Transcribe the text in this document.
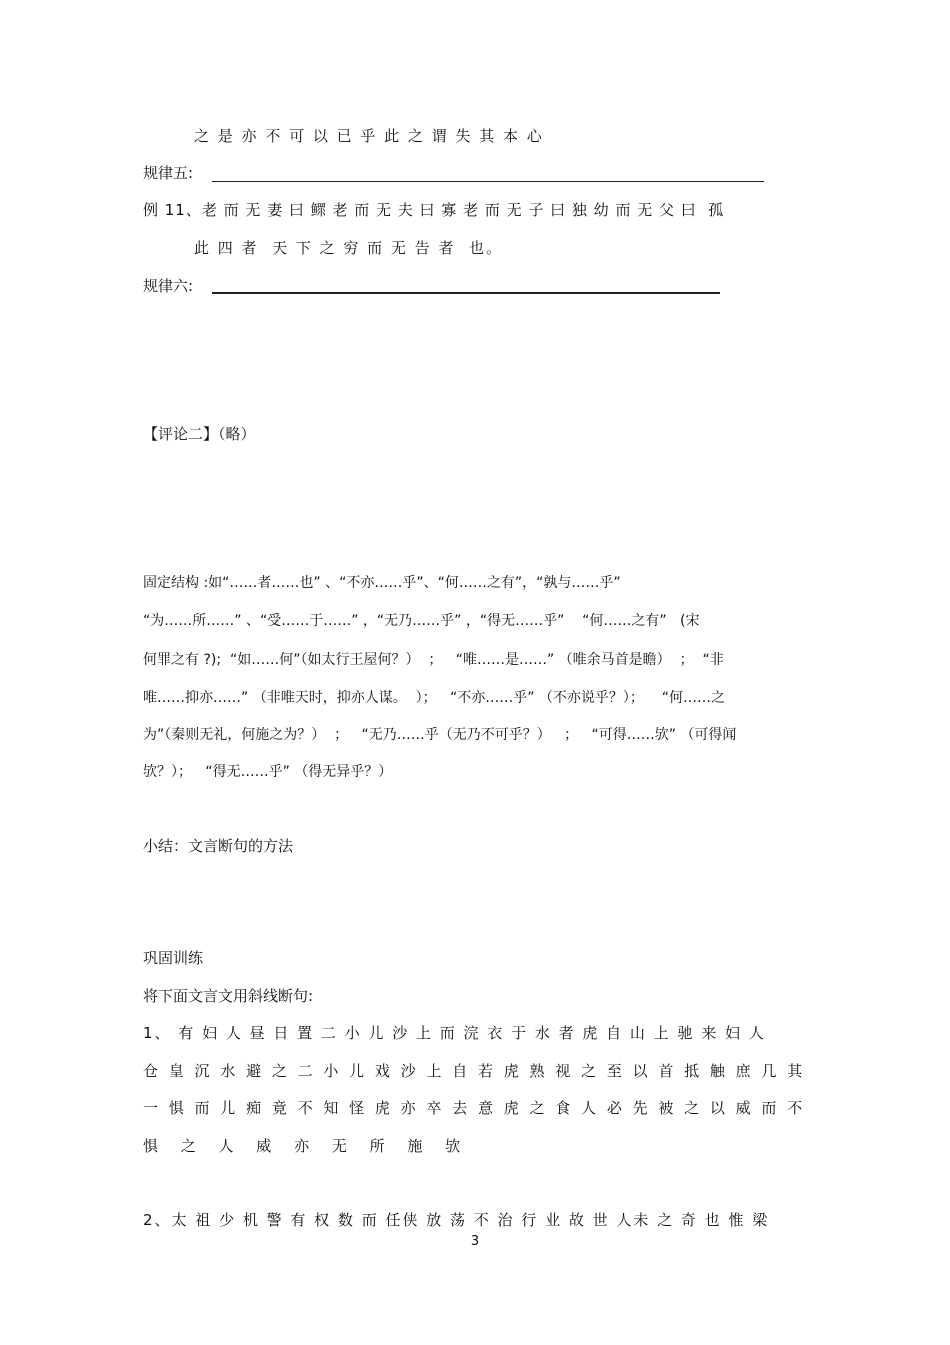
之 是 亦 不 可 以 已 乎 此 之 谓 失 其 本 心
规律五:
例 11、老 而 无 妻 曰 鳏 老 而 无 夫 曰 寡 老 而 无 子 曰 独 幼 而 无 父 曰  孤
此 四 者  天 下 之 穷 而 无 告 者  也。
规律六:
【评论二】（略）
固定结构 :如“……者……也” 、“不亦……乎”、“何……之有”，“孰与……乎”
“为……所……” 、“受……于……” ，“无乃……乎” ，“得无……乎”    “何……之有”   (宋
何罪之有 ?);  “如……何”（如太行王屋何？）  ；   “唯……是……” （唯余马首是瞻）  ；  “非
唯……抑亦……” （非唯天时，抑亦人谋。  ）；   “不亦……乎” （不亦说乎？）；    “何……之
为”（秦则无礼，何施之为？）  ；   “无乃……乎（无乃不可乎？）   ；   “可得……欤” （可得闻
欤？）；   “得无……乎” （得无异乎？）
小结：文言断句的方法
巩固训练
将下面文言文用斜线断句:
1、 有 妇 人 昼 日 置 二 小 儿 沙 上 而 浣 衣 于 水 者 虎 自 山 上 驰 来 妇 人
仓 皇 沉 水 避 之 二 小 儿 戏 沙 上 自 若 虎 熟 视 之 至 以 首 抵 触 庶 几 其
一 惧 而 儿 痴 竟 不 知 怪 虎 亦 卒 去 意 虎 之 食 人 必 先 被 之 以 威 而 不
惧 之 人 威 亦 无 所 施 欤
2、太 祖 少 机 警 有 权 数 而 任侠 放 荡 不 治 行 业 故 世 人未 之 奇 也 惟 梁
3
